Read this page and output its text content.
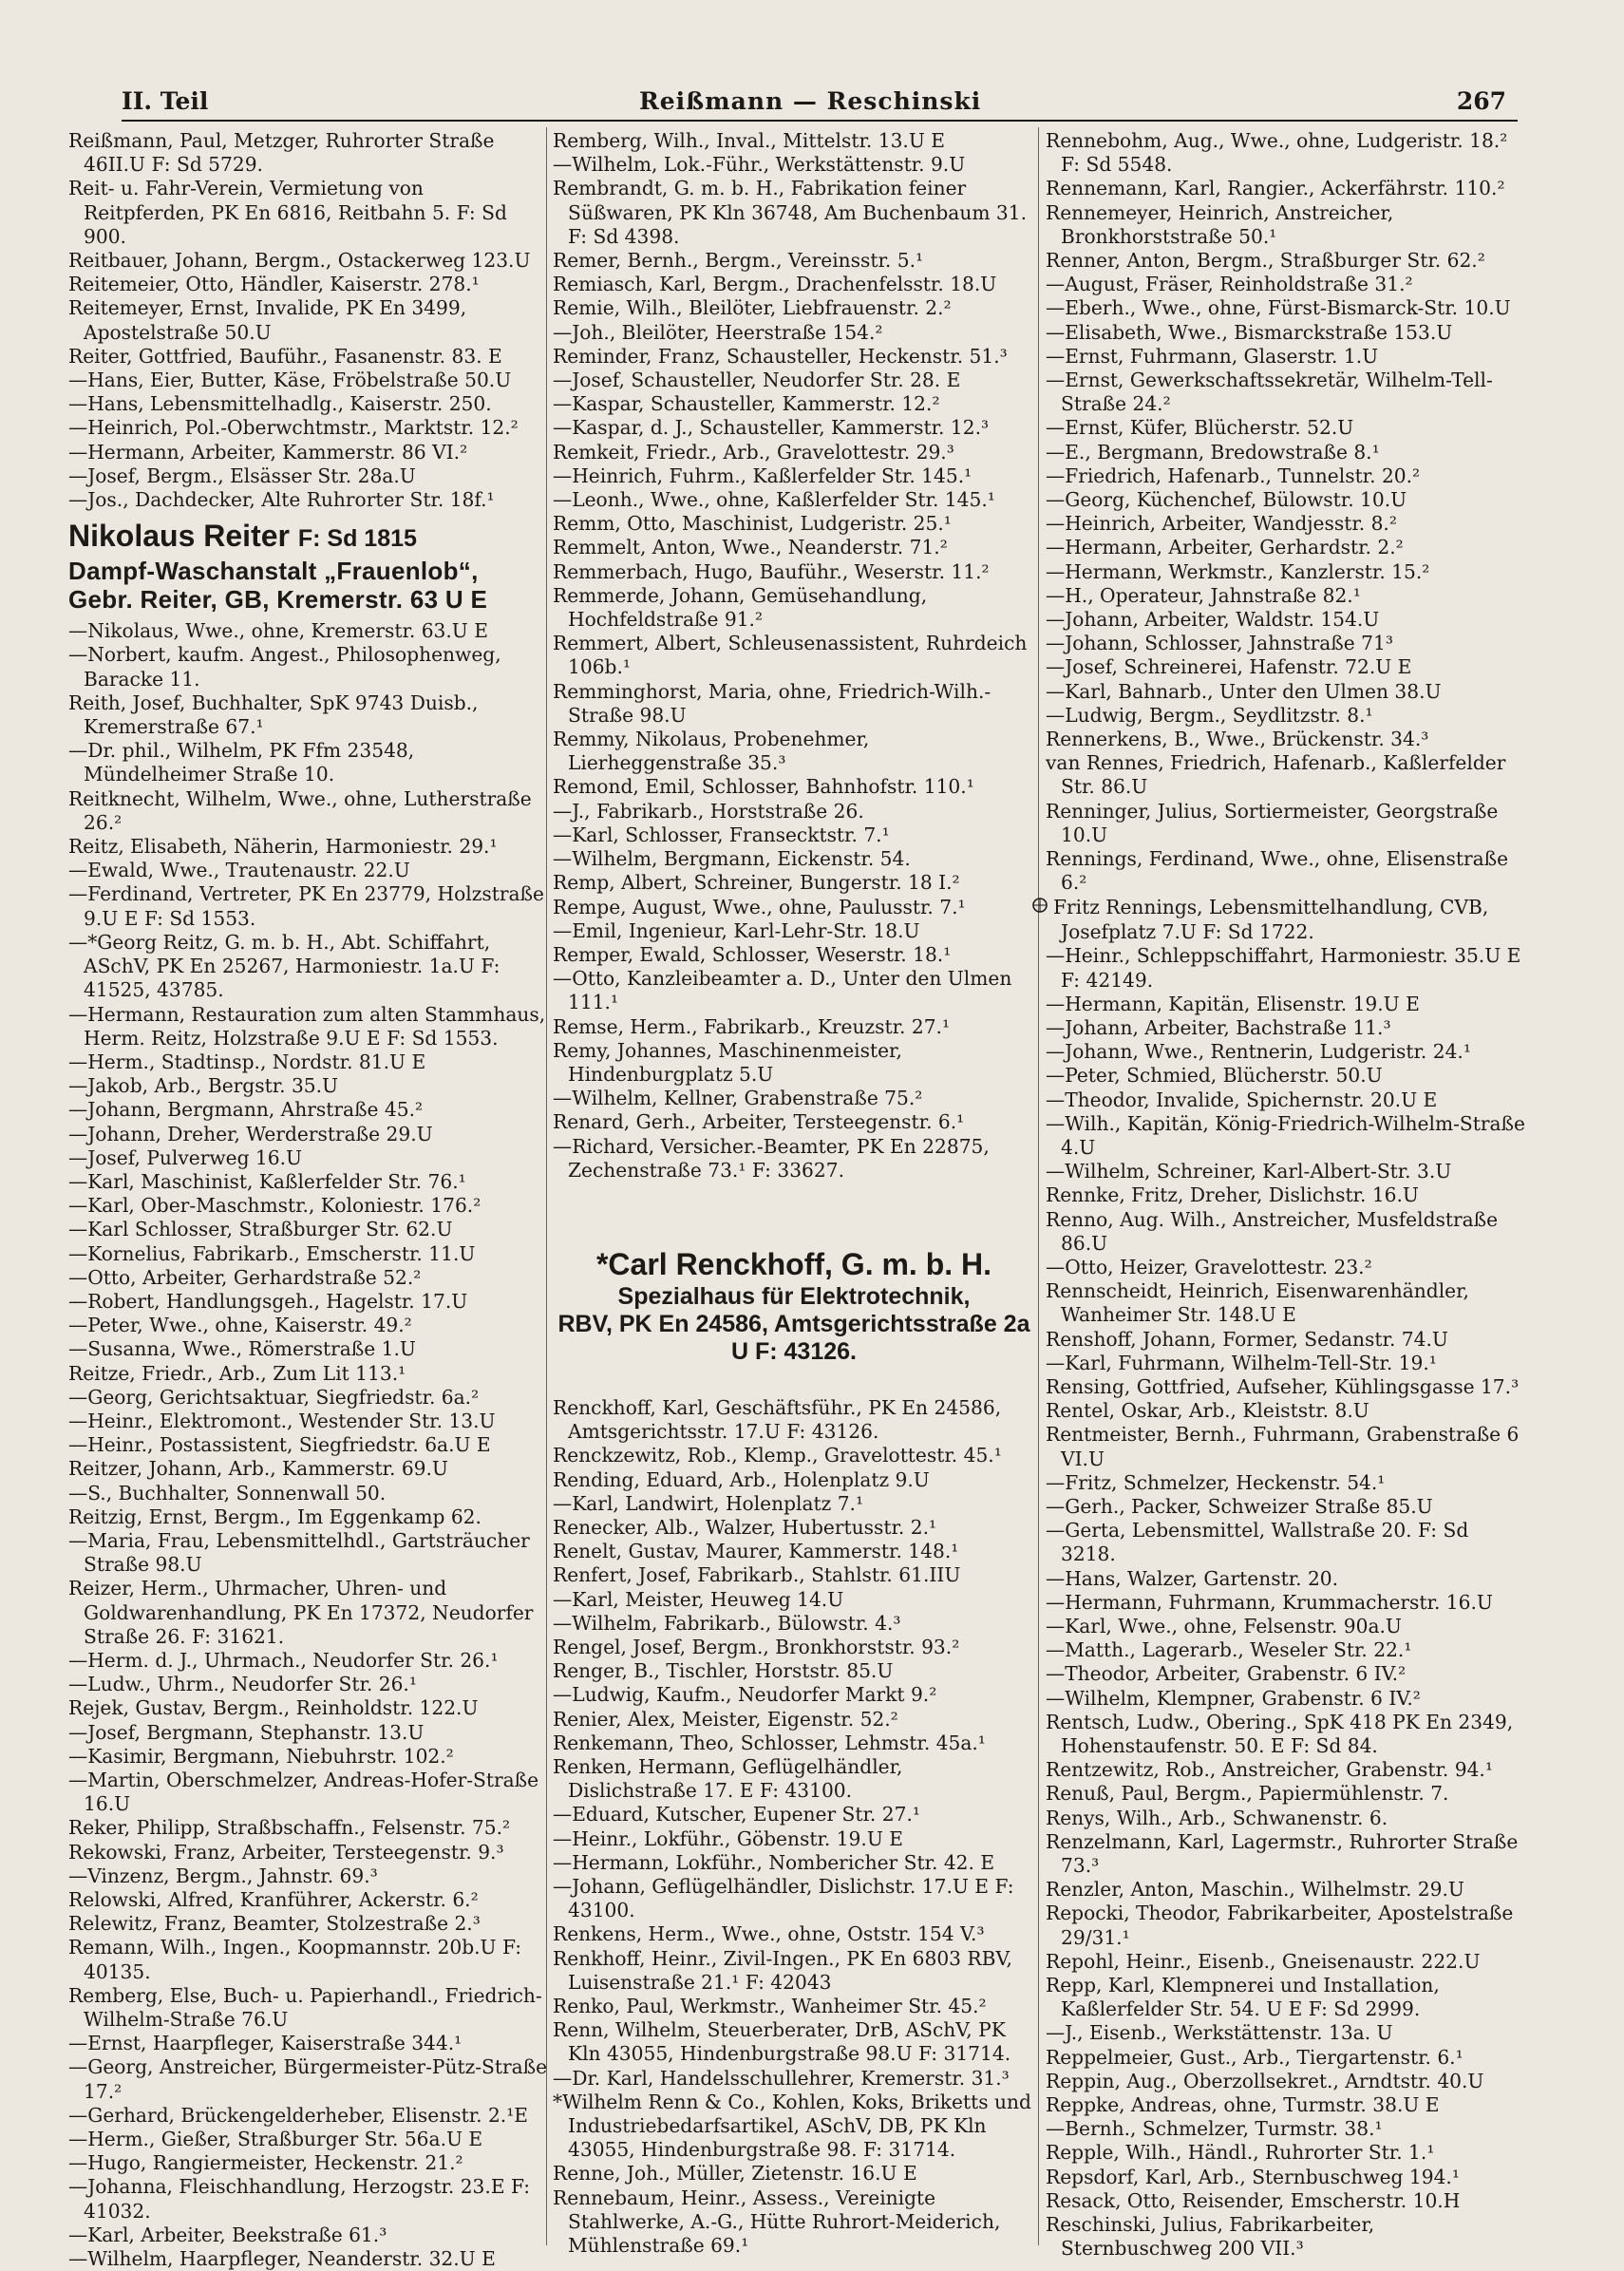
II. Teil	Reißmann — Reschinski	267
Reißmann, Paul, Metzger, Ruhrorter Straße 46II.U F: Sd 5729.
Reit- u. Fahr-Verein, Vermietung von Reitpferden, PK En 6816, Reitbahn 5. F: Sd 900.
Reitbauer, Johann, Bergm., Ostackerweg 123.U
Reitemeier, Otto, Händler, Kaiserstr. 278.¹
Reitemeyer, Ernst, Invalide, PK En 3499, Apostelstraße 50.U
Reiter, Gottfried, Bauführ., Fasanenstr. 83. E
—Hans, Eier, Butter, Käse, Fröbelstraße 50.U
—Hans, Lebensmittelhadlg., Kaiserstr. 250.
—Heinrich, Pol.-Oberwchtmstr., Marktstr. 12.²
—Hermann, Arbeiter, Kammerstr. 86 VI.²
—Josef, Bergm., Elsässer Str. 28a.U
—Jos., Dachdecker, Alte Ruhrorter Str. 18f.¹
Nikolaus Reiter F: Sd 1815
Dampf-Waschanstalt „Frauenlob“,
Gebr. Reiter, GB, Kremerstr. 63 U E
—Nikolaus, Wwe., ohne, Kremerstr. 63.U E
—Norbert, kaufm. Angest., Philosophenweg, Baracke 11.
Reith, Josef, Buchhalter, SpK 9743 Duisb., Kremerstraße 67.¹
—Dr. phil., Wilhelm, PK Ffm 23548, Mündelheimer Straße 10.
Reitknecht, Wilhelm, Wwe., ohne, Lutherstraße 26.²
Reitz, Elisabeth, Näherin, Harmoniestr. 29.¹
—Ewald, Wwe., Trautenaustr. 22.U
—Ferdinand, Vertreter, PK En 23779, Holzstraße 9.U E F: Sd 1553.
—*Georg Reitz, G. m. b. H., Abt. Schiffahrt, ASchV, PK En 25267, Harmoniestr. 1a.U F: 41525, 43785.
—Hermann, Restauration zum alten Stammhaus, Herm. Reitz, Holzstraße 9.U E F: Sd 1553.
—Herm., Stadtinsp., Nordstr. 81.U E
—Jakob, Arb., Bergstr. 35.U
—Johann, Bergmann, Ahrstraße 45.²
—Johann, Dreher, Werderstraße 29.U
—Josef, Pulverweg 16.U
—Karl, Maschinist, Kaßlerfelder Str. 76.¹
—Karl, Ober-Maschmstr., Koloniestr. 176.²
—Karl Schlosser, Straßburger Str. 62.U
—Kornelius, Fabrikarb., Emscherstr. 11.U
—Otto, Arbeiter, Gerhardstraße 52.²
—Robert, Handlungsgeh., Hagelstr. 17.U
—Peter, Wwe., ohne, Kaiserstr. 49.²
—Susanna, Wwe., Römerstraße 1.U
Reitze, Friedr., Arb., Zum Lit 113.¹
—Georg, Gerichtsaktuar, Siegfriedstr. 6a.²
—Heinr., Elektromont., Westender Str. 13.U
—Heinr., Postassistent, Siegfriedstr. 6a.U E
Reitzer, Johann, Arb., Kammerstr. 69.U
—S., Buchhalter, Sonnenwall 50.
Reitzig, Ernst, Bergm., Im Eggenkamp 62.
—Maria, Frau, Lebensmittelhdl., Gartsträucher Straße 98.U
Reizer, Herm., Uhrmacher, Uhren- und Goldwarenhandlung, PK En 17372, Neudorfer Straße 26. F: 31621.
—Herm. d. J., Uhrmach., Neudorfer Str. 26.¹
—Ludw., Uhrm., Neudorfer Str. 26.¹
Rejek, Gustav, Bergm., Reinholdstr. 122.U
—Josef, Bergmann, Stephanstr. 13.U
—Kasimir, Bergmann, Niebuhrstr. 102.²
—Martin, Oberschmelzer, Andreas-Hofer-Straße 16.U
Reker, Philipp, Straßbschaffn., Felsenstr. 75.²
Rekowski, Franz, Arbeiter, Tersteegenstr. 9.³
—Vinzenz, Bergm., Jahnstr. 69.³
Relowski, Alfred, Kranführer, Ackerstr. 6.²
Relewitz, Franz, Beamter, Stolzestraße 2.³
Remann, Wilh., Ingen., Koopmannstr. 20b.U F: 40135.
Remberg, Else, Buch- u. Papierhandl., Friedrich-Wilhelm-Straße 76.U
—Ernst, Haarpfleger, Kaiserstraße 344.¹
—Georg, Anstreicher, Bürgermeister-Pütz-Straße 17.²
—Gerhard, Brückengelderheber, Elisenstr. 2.¹E
—Herm., Gießer, Straßburger Str. 56a.U E
—Hugo, Rangiermeister, Heckenstr. 21.²
—Johanna, Fleischhandlung, Herzogstr. 23.E F: 41032.
—Karl, Arbeiter, Beekstraße 61.³
—Wilhelm, Haarpfleger, Neanderstr. 32.U E
Remberg, Wilh., Inval., Mittelstr. 13.U E
—Wilhelm, Lok.-Führ., Werkstättenstr. 9.U
Rembrandt, G. m. b. H., Fabrikation feiner Süßwaren, PK Kln 36748, Am Buchenbaum 31. F: Sd 4398.
Remer, Bernh., Bergm., Vereinsstr. 5.¹
Remiasch, Karl, Bergm., Drachenfelsstr. 18.U
Remie, Wilh., Bleilöter, Liebfrauenstr. 2.²
—Joh., Bleilöter, Heerstraße 154.²
Reminder, Franz, Schausteller, Heckenstr. 51.³
—Josef, Schausteller, Neudorfer Str. 28. E
—Kaspar, Schausteller, Kammerstr. 12.²
—Kaspar, d. J., Schausteller, Kammerstr. 12.³
Remkeit, Friedr., Arb., Gravelottestr. 29.³
—Heinrich, Fuhrm., Kaßlerfelder Str. 145.¹
—Leonh., Wwe., ohne, Kaßlerfelder Str. 145.¹
Remm, Otto, Maschinist, Ludgeristr. 25.¹
Remmelt, Anton, Wwe., Neanderstr. 71.²
Remmerbach, Hugo, Bauführ., Weserstr. 11.²
Remmerde, Johann, Gemüsehandlung, Hochfeldstraße 91.²
Remmert, Albert, Schleusenassistent, Ruhrdeich 106b.¹
Remminghorst, Maria, ohne, Friedrich-Wilh.-Straße 98.U
Remmy, Nikolaus, Probenehmer, Lierheggenstraße 35.³
Remond, Emil, Schlosser, Bahnhofstr. 110.¹
—J., Fabrikarb., Horststraße 26.
—Karl, Schlosser, Fransecktstr. 7.¹
—Wilhelm, Bergmann, Eickenstr. 54.
Remp, Albert, Schreiner, Bungerstr. 18 I.²
Rempe, August, Wwe., ohne, Paulusstr. 7.¹
—Emil, Ingenieur, Karl-Lehr-Str. 18.U
Remper, Ewald, Schlosser, Weserstr. 18.¹
—Otto, Kanzleibeamter a. D., Unter den Ulmen 111.¹
Remse, Herm., Fabrikarb., Kreuzstr. 27.¹
Remy, Johannes, Maschinenmeister, Hindenburgplatz 5.U
—Wilhelm, Kellner, Grabenstraße 75.²
Renard, Gerh., Arbeiter, Tersteegenstr. 6.¹
—Richard, Versicher.-Beamter, PK En 22875, Zechenstraße 73.¹ F: 33627.
*Carl Renckhoff, G. m. b. H.
Spezialhaus für Elektrotechnik,
RBV, PK En 24586, Amtsgerichtsstraße 2a U F: 43126.
Renckhoff, Karl, Geschäftsführ., PK En 24586, Amtsgerichtsstr. 17.U F: 43126.
Renckzewitz, Rob., Klemp., Gravelottestr. 45.¹
Rending, Eduard, Arb., Holenplatz 9.U
—Karl, Landwirt, Holenplatz 7.¹
Renecker, Alb., Walzer, Hubertusstr. 2.¹
Renelt, Gustav, Maurer, Kammerstr. 148.¹
Renfert, Josef, Fabrikarb., Stahlstr. 61.IIU
—Karl, Meister, Heuweg 14.U
—Wilhelm, Fabrikarb., Bülowstr. 4.³
Rengel, Josef, Bergm., Bronkhorststr. 93.²
Renger, B., Tischler, Horststr. 85.U
—Ludwig, Kaufm., Neudorfer Markt 9.²
Renier, Alex, Meister, Eigenstr. 52.²
Renkemann, Theo, Schlosser, Lehmstr. 45a.¹
Renken, Hermann, Geflügelhändler, Dislichstraße 17. E F: 43100.
—Eduard, Kutscher, Eupener Str. 27.¹
—Heinr., Lokführ., Göbenstr. 19.U E
—Hermann, Lokführ., Nombericher Str. 42. E
—Johann, Geflügelhändler, Dislichstr. 17.U E F: 43100.
Renkens, Herm., Wwe., ohne, Oststr. 154 V.³
Renkhoff, Heinr., Zivil-Ingen., PK En 6803 RBV, Luisenstraße 21.¹ F: 42043
Renko, Paul, Werkmstr., Wanheimer Str. 45.²
Renn, Wilhelm, Steuerberater, DrB, ASchV, PK Kln 43055, Hindenburgstraße 98.U F: 31714.
—Dr. Karl, Handelsschullehrer, Kremerstr. 31.³
*Wilhelm Renn & Co., Kohlen, Koks, Briketts und Industriebedarfsartikel, ASchV, DB, PK Kln 43055, Hindenburgstraße 98. F: 31714.
Renne, Joh., Müller, Zietenstr. 16.U E
Rennebaum, Heinr., Assess., Vereinigte Stahlwerke, A.-G., Hütte Ruhrort-Meiderich, Mühlenstraße 69.¹
Rennebohm, Aug., Wwe., ohne, Ludgeristr. 18.² F: Sd 5548.
Rennemann, Karl, Rangier., Ackerfährstr. 110.²
Rennemeyer, Heinrich, Anstreicher, Bronkhorststraße 50.¹
Renner, Anton, Bergm., Straßburger Str. 62.²
—August, Fräser, Reinholdstraße 31.²
—Eberh., Wwe., ohne, Fürst-Bismarck-Str. 10.U
—Elisabeth, Wwe., Bismarckstraße 153.U
—Ernst, Fuhrmann, Glaserstr. 1.U
—Ernst, Gewerkschaftssekretär, Wilhelm-Tell-Straße 24.²
—Ernst, Küfer, Blücherstr. 52.U
—E., Bergmann, Bredowstraße 8.¹
—Friedrich, Hafenarb., Tunnelstr. 20.²
—Georg, Küchenchef, Bülowstr. 10.U
—Heinrich, Arbeiter, Wandjesstr. 8.²
—Hermann, Arbeiter, Gerhardstr. 2.²
—Hermann, Werkmstr., Kanzlerstr. 15.²
—H., Operateur, Jahnstraße 82.¹
—Johann, Arbeiter, Waldstr. 154.U
—Johann, Schlosser, Jahnstraße 71³
—Josef, Schreinerei, Hafenstr. 72.U E
—Karl, Bahnarb., Unter den Ulmen 38.U
—Ludwig, Bergm., Seydlitzstr. 8.¹
Rennerkens, B., Wwe., Brückenstr. 34.³
van Rennes, Friedrich, Hafenarb., Kaßlerfelder Str. 86.U
Renninger, Julius, Sortiermeister, Georgstraße 10.U
Rennings, Ferdinand, Wwe., ohne, Elisenstraße 6.²
Fritz Rennings, Lebensmittelhandlung, CVB, Josefplatz 7.U F: Sd 1722.
—Heinr., Schleppschiffahrt, Harmoniestr. 35.U E F: 42149.
—Hermann, Kapitän, Elisenstr. 19.U E
—Johann, Arbeiter, Bachstraße 11.³
—Johann, Wwe., Rentnerin, Ludgeristr. 24.¹
—Peter, Schmied, Blücherstr. 50.U
—Theodor, Invalide, Spichernstr. 20.U E
—Wilh., Kapitän, König-Friedrich-Wilhelm-Straße 4.U
—Wilhelm, Schreiner, Karl-Albert-Str. 3.U
Rennke, Fritz, Dreher, Dislichstr. 16.U
Renno, Aug. Wilh., Anstreicher, Musfeldstraße 86.U
—Otto, Heizer, Gravelottestr. 23.²
Rennscheidt, Heinrich, Eisenwarenhändler, Wanheimer Str. 148.U E
Renshoff, Johann, Former, Sedanstr. 74.U
—Karl, Fuhrmann, Wilhelm-Tell-Str. 19.¹
Rensing, Gottfried, Aufseher, Kühlingsgasse 17.³
Rentel, Oskar, Arb., Kleiststr. 8.U
Rentmeister, Bernh., Fuhrmann, Grabenstraße 6 VI.U
—Fritz, Schmelzer, Heckenstr. 54.¹
—Gerh., Packer, Schweizer Straße 85.U
—Gerta, Lebensmittel, Wallstraße 20. F: Sd 3218.
—Hans, Walzer, Gartenstr. 20.
—Hermann, Fuhrmann, Krummacherstr. 16.U
—Karl, Wwe., ohne, Felsenstr. 90a.U
—Matth., Lagerarb., Weseler Str. 22.¹
—Theodor, Arbeiter, Grabenstr. 6 IV.²
—Wilhelm, Klempner, Grabenstr. 6 IV.²
Rentsch, Ludw., Obering., SpK 418 PK En 2349, Hohenstaufenstr. 50. E F: Sd 84.
Rentzewitz, Rob., Anstreicher, Grabenstr. 94.¹
Renuß, Paul, Bergm., Papiermühlenstr. 7.
Renys, Wilh., Arb., Schwanenstr. 6.
Renzelmann, Karl, Lagermstr., Ruhrorter Straße 73.³
Renzler, Anton, Maschin., Wilhelmstr. 29.U
Repocki, Theodor, Fabrikarbeiter, Apostelstraße 29/31.¹
Repohl, Heinr., Eisenb., Gneisenaustr. 222.U
Repp, Karl, Klempnerei und Installation, Kaßlerfelder Str. 54. U E F: Sd 2999.
—J., Eisenb., Werkstättenstr. 13a. U
Reppelmeier, Gust., Arb., Tiergartenstr. 6.¹
Reppin, Aug., Oberzollsekret., Arndtstr. 40.U
Reppke, Andreas, ohne, Turmstr. 38.U E
—Bernh., Schmelzer, Turmstr. 38.¹
Repple, Wilh., Händl., Ruhrorter Str. 1.¹
Repsdorf, Karl, Arb., Sternbuschweg 194.¹
Resack, Otto, Reisender, Emscherstr. 10.H
Reschinski, Julius, Fabrikarbeiter, Sternbuschweg 200 VII.³
